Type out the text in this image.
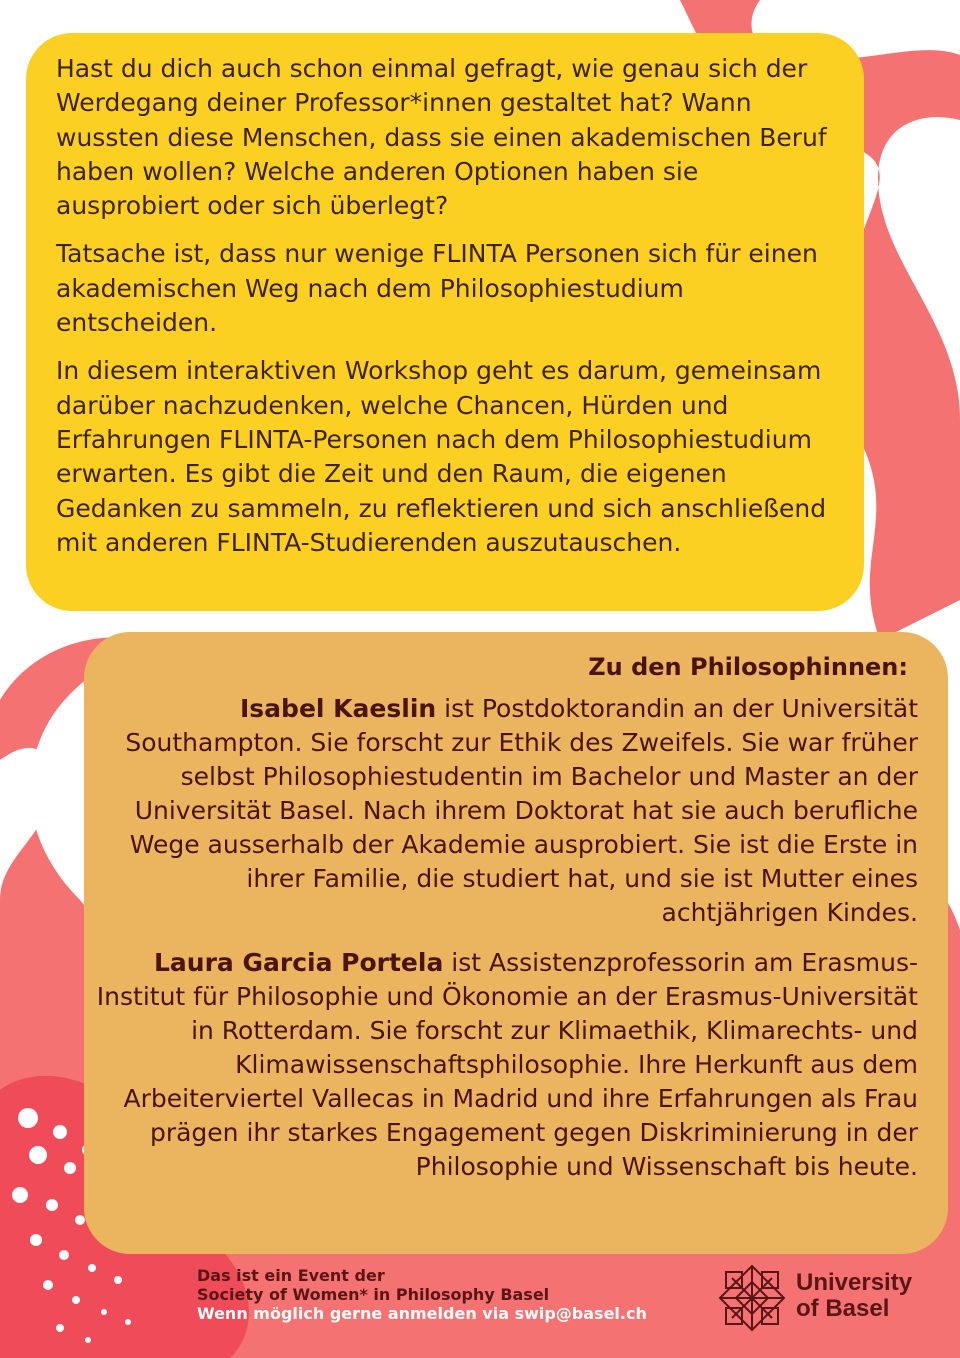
Hast du dich auch schon einmal gefragt, wie genau sich der Werdegang deiner Professor*innen gestaltet hat? Wann wussten diese Menschen, dass sie einen akademischen Beruf haben wollen? Welche anderen Optionen haben sie ausprobiert oder sich überlegt?

Tatsache ist, dass nur wenige FLINTA Personen sich für einen akademischen Weg nach dem Philosophiestudium entscheiden.

In diesem interaktiven Workshop geht es darum, gemeinsam darüber nachzudenken, welche Chancen, Hürden und Erfahrungen FLINTA-Personen nach dem Philosophiestudium erwarten. Es gibt die Zeit und den Raum, die eigenen Gedanken zu sammeln, zu reflektieren und sich anschließend mit anderen FLINTA-Studierenden auszutauschen.

Zu den Philosophinnen:

Isabel Kaeslin ist Postdoktorandin an der Universität Southampton. Sie forscht zur Ethik des Zweifels. Sie war früher selbst Philosophiestudentin im Bachelor und Master an der Universität Basel. Nach ihrem Doktorat hat sie auch berufliche Wege ausserhalb der Akademie ausprobiert. Sie ist die Erste in ihrer Familie, die studiert hat, und sie ist Mutter eines achtjährigen Kindes.

Laura Garcia Portela ist Assistenzprofessorin am Erasmus-Institut für Philosophie und Ökonomie an der Erasmus-Universität in Rotterdam. Sie forscht zur Klimaethik, Klimarechts- und Klimawissenschaftsphilosophie. Ihre Herkunft aus dem Arbeiterviertel Vallecas in Madrid und ihre Erfahrungen als Frau prägen ihr starkes Engagement gegen Diskriminierung in der Philosophie und Wissenschaft bis heute.

Das ist ein Event der
Society of Women* in Philosophy Basel
Wenn möglich gerne anmelden via swip@basel.ch
University
of Basel
